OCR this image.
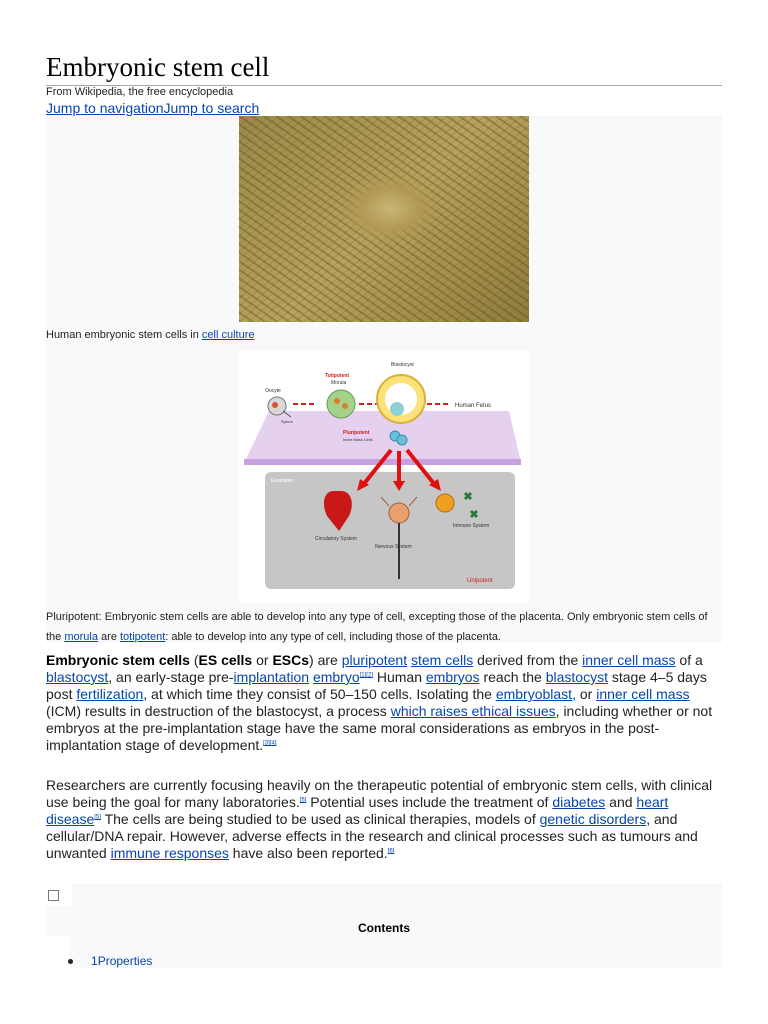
Embryonic stem cell
From Wikipedia, the free encyclopedia
Jump to navigationJump to search
Human embryonic stem cells in cell culture
Oocyte
Sperm
Totipotent
Morula
Blastocyst
Human Fetus
Pluripotent
Inner Mass Cells
Examples:
Circulatory System
Nervous System
Immune System
Unipotent
Pluripotent: Embryonic stem cells are able to develop into any type of cell, excepting those of the placenta. Only embryonic stem cells of the morula are totipotent: able to develop into any type of cell, including those of the placenta.
Embryonic stem cells (ES cells or ESCs) are pluripotent stem cells derived from the inner cell mass of a blastocyst, an early-stage pre-implantation embryo[1][2] Human embryos reach the blastocyst stage 4–5 days post fertilization, at which time they consist of 50–150 cells. Isolating the embryoblast, or inner cell mass (ICM) results in destruction of the blastocyst, a process which raises ethical issues, including whether or not embryos at the pre-implantation stage have the same moral considerations as embryos in the post-implantation stage of development.[3][4]
Researchers are currently focusing heavily on the therapeutic potential of embryonic stem cells, with clinical use being the goal for many laboratories.[5] Potential uses include the treatment of diabetes and heart disease[5] The cells are being studied to be used as clinical therapies, models of genetic disorders, and cellular/DNA repair. However, adverse effects in the research and clinical processes such as tumours and unwanted immune responses have also been reported.[6]
Contents
1Properties
